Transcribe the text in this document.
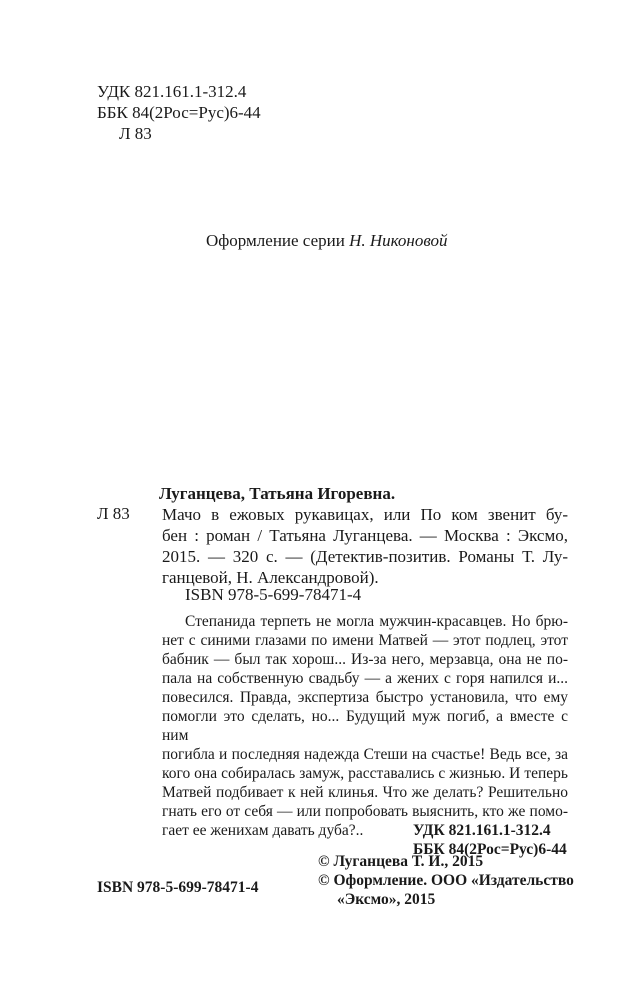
УДК 821.161.1-312.4
ББК 84(2Рос=Рус)6-44
Л 83
Оформление серии Н. Никоновой
Л 83
Луганцева, Татьяна Игоревна.
Мачо в ежовых рукавицах, или По ком звенит бу-
бен : роман / Татьяна Луганцева. — Москва : Эксмо,
2015. — 320 с. — (Детектив-позитив. Романы Т. Лу-
ганцевой, Н. Александровой).
ISBN 978-5-699-78471-4
Степанида терпеть не могла мужчин-красавцев. Но брю-
нет с синими глазами по имени Матвей — этот подлец, этот
бабник — был так хорош... Из-за него, мерзавца, она не по-
пала на собственную свадьбу — а жених с горя напился и...
повесился. Правда, экспертиза быстро установила, что ему
помогли это сделать, но... Будущий муж погиб, а вместе с ним
погибла и последняя надежда Стеши на счастье! Ведь все, за
кого она собиралась замуж, расставались с жизнью. И теперь
Матвей подбивает к ней клинья. Что же делать? Решительно
гнать его от себя — или попробовать выяснить, кто же помо-
гает ее женихам давать дуба?..	УДК 821.161.1-312.4
ББК 84(2Рос=Рус)6-44
ISBN 978-5-699-78471-4
© Луганцева Т. И., 2015
© Оформление. ООО «Издательство
«Эксмо», 2015
